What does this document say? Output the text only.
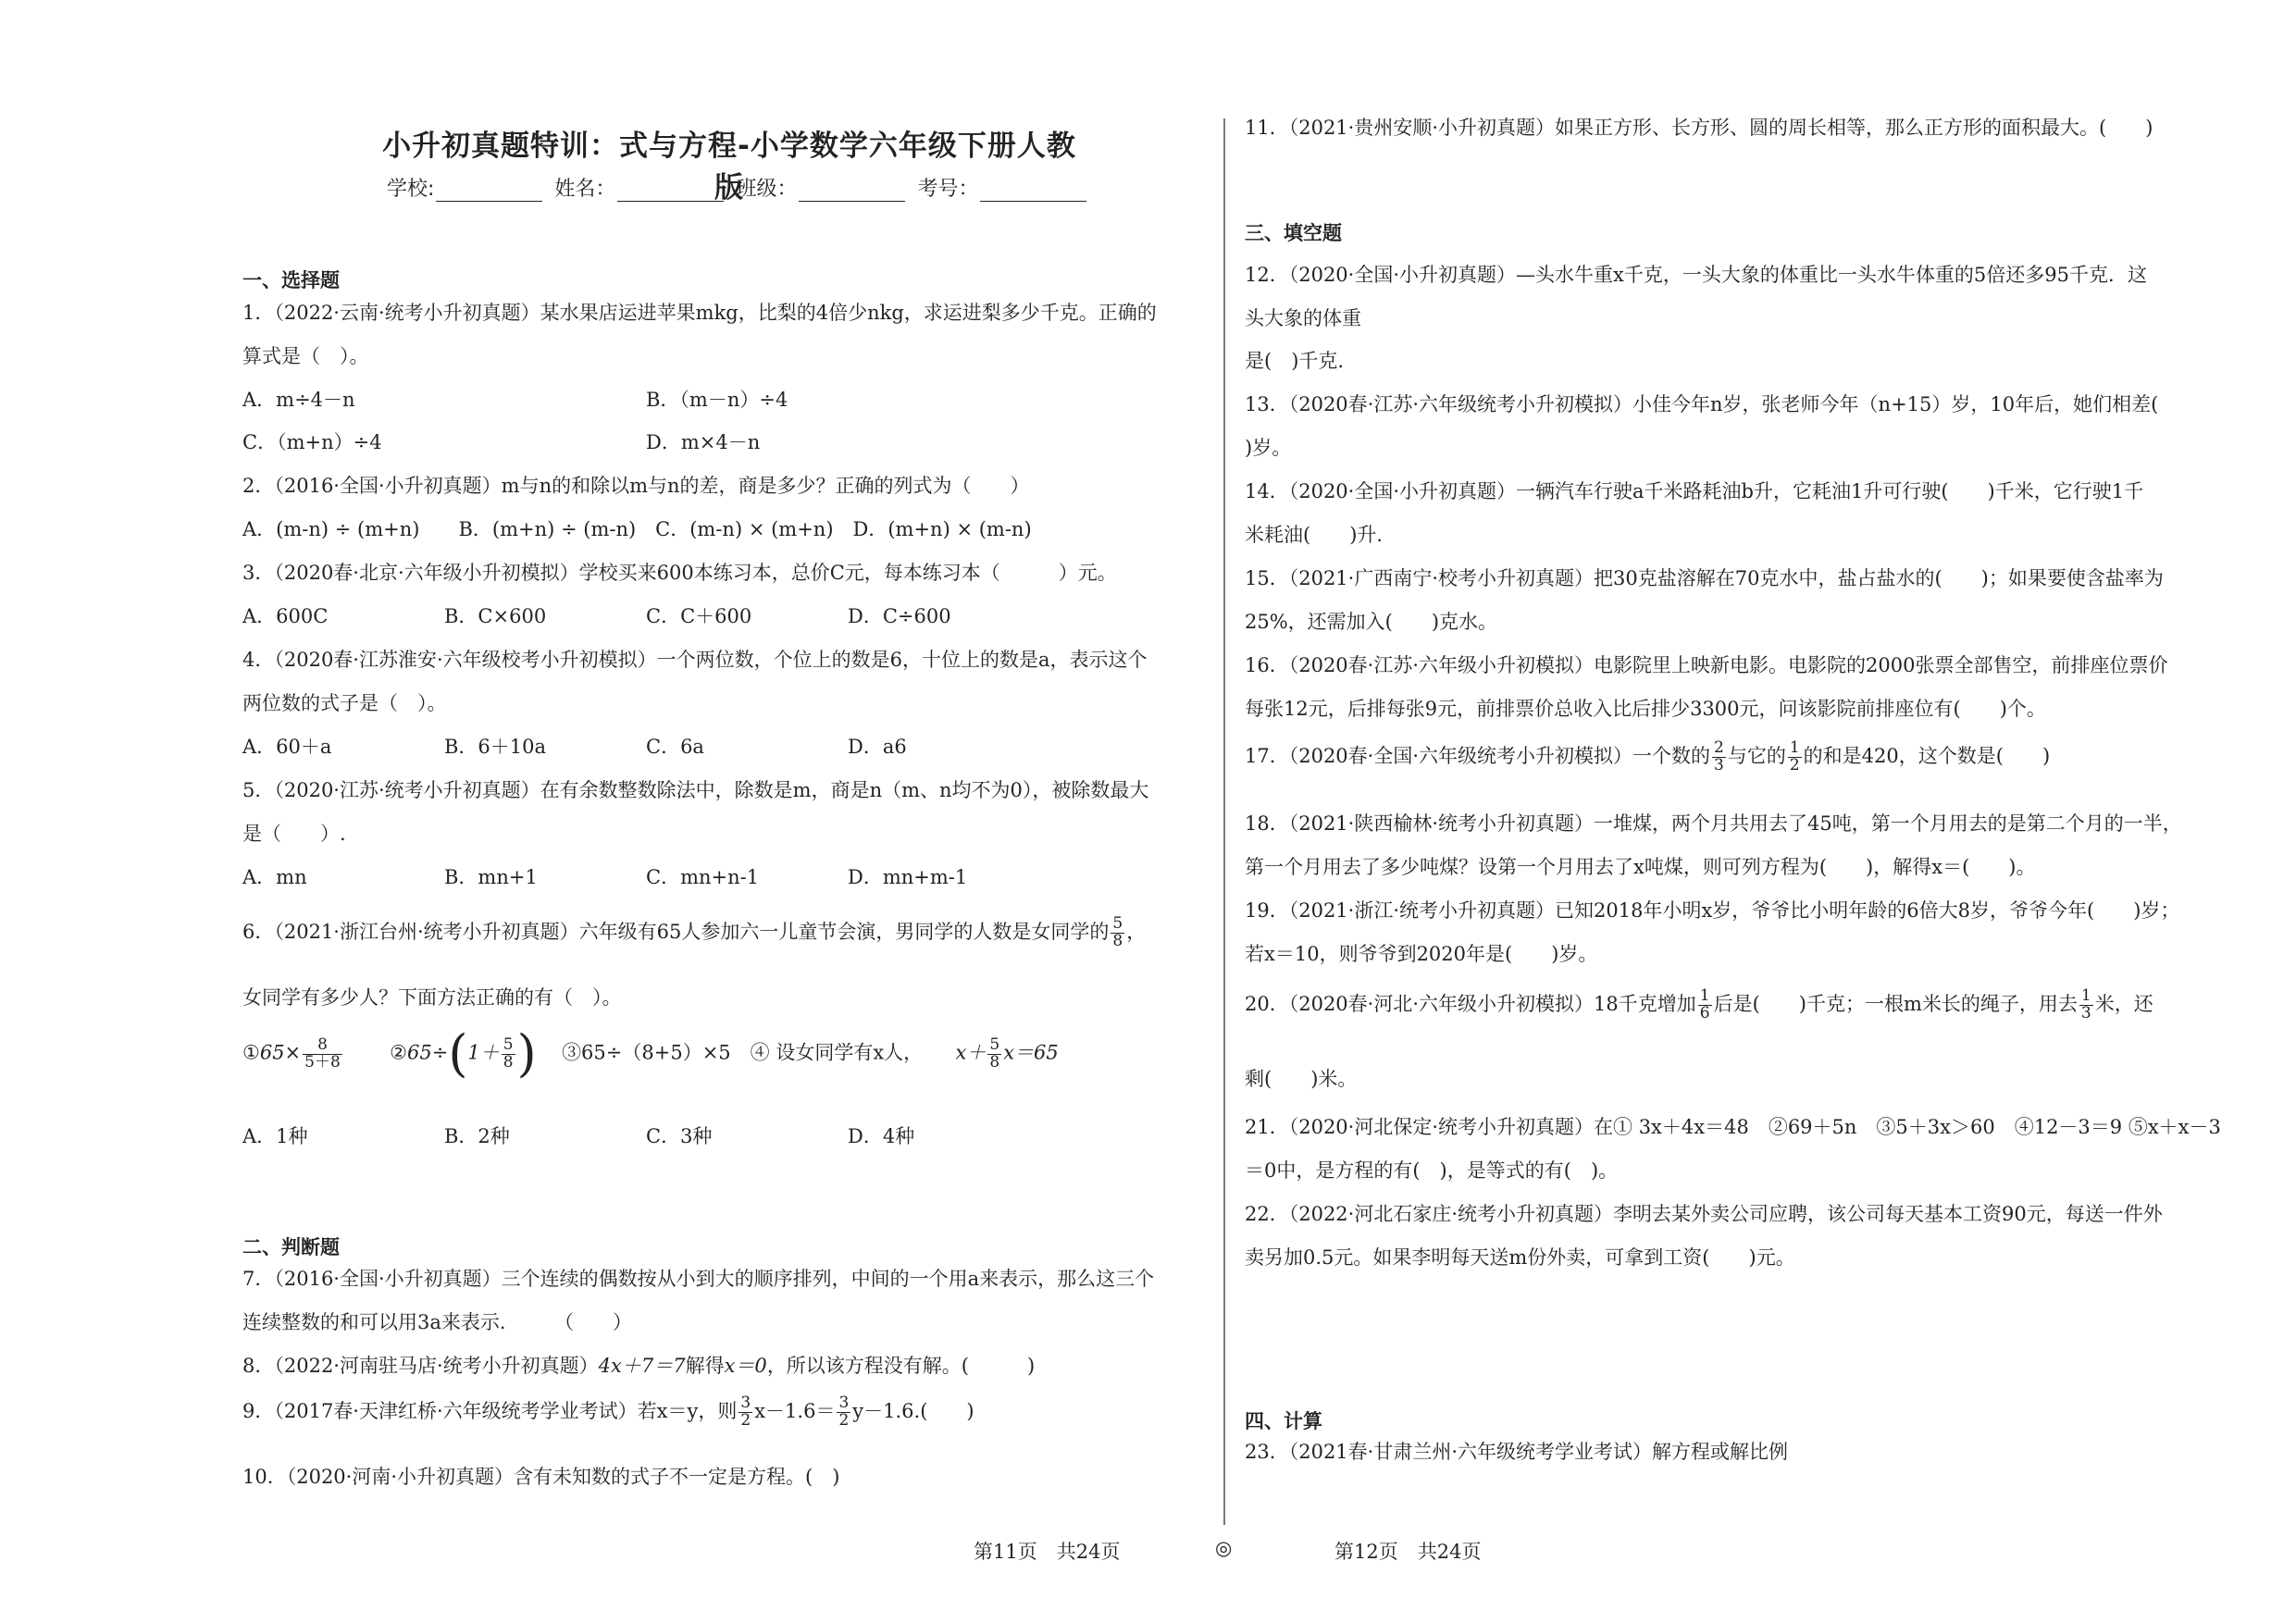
小升初真题特训：式与方程-小学数学六年级下册人教版
学校:	姓名：	班级：	考号：
一、选择题
1．（2022·云南·统考小升初真题）某水果店运进苹果mkg，比梨的4倍少nkg，求运进梨多少千克。正确的
算式是（　）。
A．m÷4－n	B．（m－n）÷4
C．（m+n）÷4	D．m×4－n
2．（2016·全国·小升初真题）m与n的和除以m与n的差，商是多少？正确的列式为（　　）
A．(m-n) ÷ (m+n)　　B．(m+n) ÷ (m-n)　C．(m-n) × (m+n)　D．(m+n) × (m-n)
3．（2020春·北京·六年级小升初模拟）学校买来600本练习本，总价C元，每本练习本（　　　）元。
A．600C	B．C×600	C．C＋600	D．C÷600
4．（2020春·江苏淮安·六年级校考小升初模拟）一个两位数，个位上的数是6，十位上的数是a，表示这个
两位数的式子是（　）。
A．60＋a	B．6＋10a	C．6a	D．a6
5．（2020·江苏·统考小升初真题）在有余数整数除法中，除数是m，商是n（m、n均不为0），被除数最大
是（　　）.
A．mn	B．mn+1	C．mn+n-1	D．mn+m-1
6．（2021·浙江台州·统考小升初真题）六年级有65人参加六一儿童节会演，男同学的人数是女同学的 $\frac{5}{8}$ ，
女同学有多少人？下面方法正确的有（　）。
①65× $\frac{8}{5+8}$ ②65÷(1＋ $\frac{5}{8}$ ) ③65÷（8+5）×5　④ 设女同学有x人， $x+ \frac{5}{8} x=65$
A．1种	B．2种	C．3种	D．4种
二、判断题
7．（2016·全国·小升初真题）三个连续的偶数按从小到大的顺序排列，中间的一个用a来表示，那么这三个
连续整数的和可以用3a来表示.　　　（　　）
8．（2022·河南驻马店·统考小升初真题）4x＋7＝7解得x＝0，所以该方程没有解。(　　　)
9．（2017春·天津红桥·六年级统考学业考试）若x＝y，则 $\frac{3}{2} x-1.6= \frac{3}{2} y-1.6$.(　　)
10．（2020·河南·小升初真题）含有未知数的式子不一定是方程。(　)
11．（2021·贵州安顺·小升初真题）如果正方形、长方形、圆的周长相等，那么正方形的面积最大。(　　)
三、填空题
12．（2020·全国·小升初真题）—头水牛重x千克，一头大象的体重比一头水牛体重的5倍还多95千克．这
头大象的体重
是(　)千克.
13．（2020春·江苏·六年级统考小升初模拟）小佳今年n岁，张老师今年（n+15）岁，10年后，她们相差(
)岁。
14．（2020·全国·小升初真题）一辆汽车行驶a千米路耗油b升，它耗油1升可行驶(　　)千米，它行驶1千
米耗油(　　)升.
15．（2021·广西南宁·校考小升初真题）把30克盐溶解在70克水中，盐占盐水的(　　)；如果要使含盐率为
25%，还需加入(　　)克水。
16．（2020春·江苏·六年级小升初模拟）电影院里上映新电影。电影院的2000张票全部售空，前排座位票价
每张12元，后排每张9元，前排票价总收入比后排少3300元，问该影院前排座位有(　　)个。
17．（2020春·全国·六年级统考小升初模拟）一个数的 $\frac{2}{3}$ 与它的 $\frac{1}{2}$ 的和是420，这个数是(　　)
18．（2021·陕西榆林·统考小升初真题）一堆煤，两个月共用去了45吨，第一个月用去的是第二个月的一半，
第一个月用去了多少吨煤？设第一个月用去了x吨煤，则可列方程为(　　)，解得x＝(　　)。
19．（2021·浙江·统考小升初真题）已知2018年小明x岁，爷爷比小明年龄的6倍大8岁，爷爷今年(　　)岁；
若x＝10，则爷爷到2020年是(　　)岁。
20．（2020春·河北·六年级小升初模拟）18千克增加 $\frac{1}{6}$ 后是(　　)千克；一根m米长的绳子，用去 $\frac{1}{3}$ 米，还
剩(　　)米。
21．（2020·河北保定·统考小升初真题）在① 3x＋4x＝48　②69＋5n　③5＋3x＞60　④12－3＝9 ⑤x＋x－3
＝0中，是方程的有(　)，是等式的有(　)。
22．（2022·河北石家庄·统考小升初真题）李明去某外卖公司应聘，该公司每天基本工资90元，每送一件外
卖另加0.5元。如果李明每天送m份外卖，可拿到工资(　　)元。
四、计算
23．（2021春·甘肃兰州·六年级统考学业考试）解方程或解比例
第11页　共24页	◎	第12页　共24页
